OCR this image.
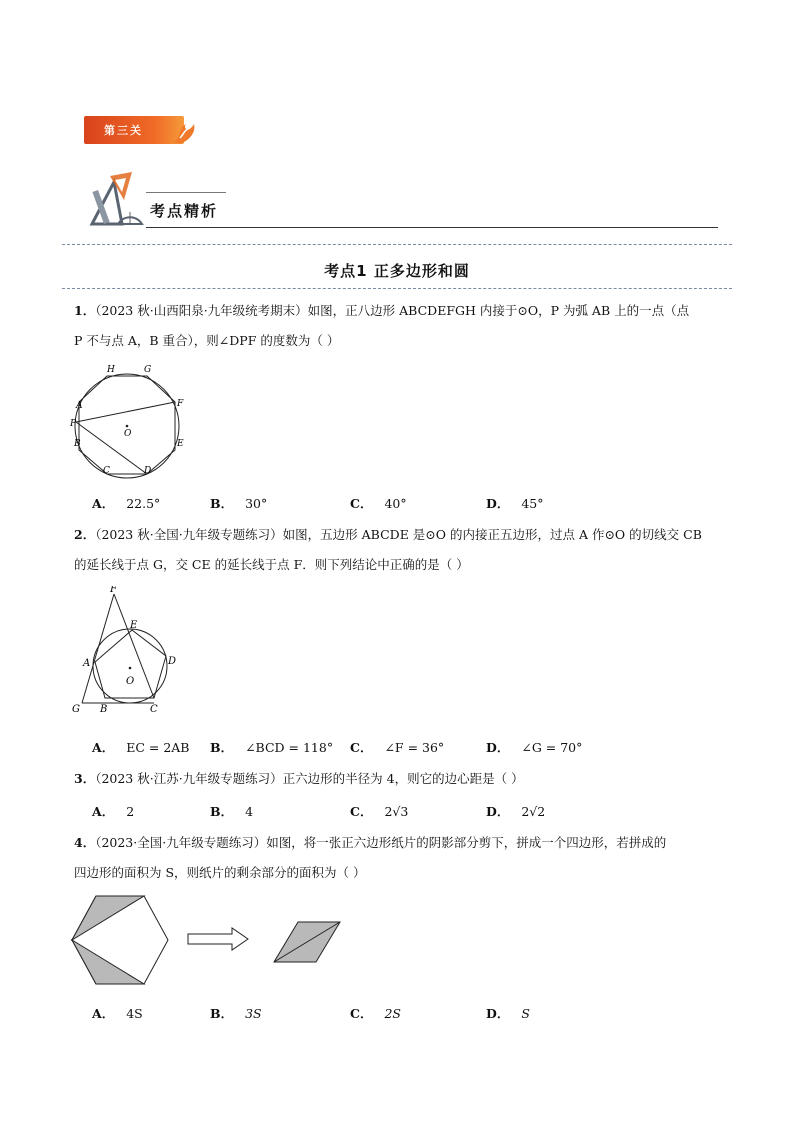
第三关
考点精析
考点1 正多边形和圆
1．（2023 秋·山西阳泉·九年级统考期末）如图，正八边形 ABCDEFGH 内接于⊙O，P 为弧 AB 上的一点（点
P 不与点 A，B 重合），则∠DPF 的度数为（ ）
H	G
F
A
P
O
E
B
C	D
A． 22.5°	B． 30°	C． 40°	D． 45°
2．（2023 秋·全国·九年级专题练习）如图，五边形 ABCDE 是⊙O 的内接正五边形，过点 A 作⊙O 的切线交 CB
的延长线于点 G，交 CE 的延长线于点 F．则下列结论中正确的是（ ）
F
E
A	D
O
G B	C
A． EC = 2AB B． ∠BCD = 118° C． ∠F = 36°	D． ∠G = 70°
3．（2023 秋·江苏·九年级专题练习）正六边形的半径为 4，则它的边心距是（ ）
A． 2	B． 4	C． 2√3	D． 2√2
4．（2023·全国·九年级专题练习）如图，将一张正六边形纸片的阴影部分剪下，拼成一个四边形，若拼成的
四边形的面积为 S，则纸片的剩余部分的面积为（ ）
A． 4S	B． 3S	C． 2S	D． S
